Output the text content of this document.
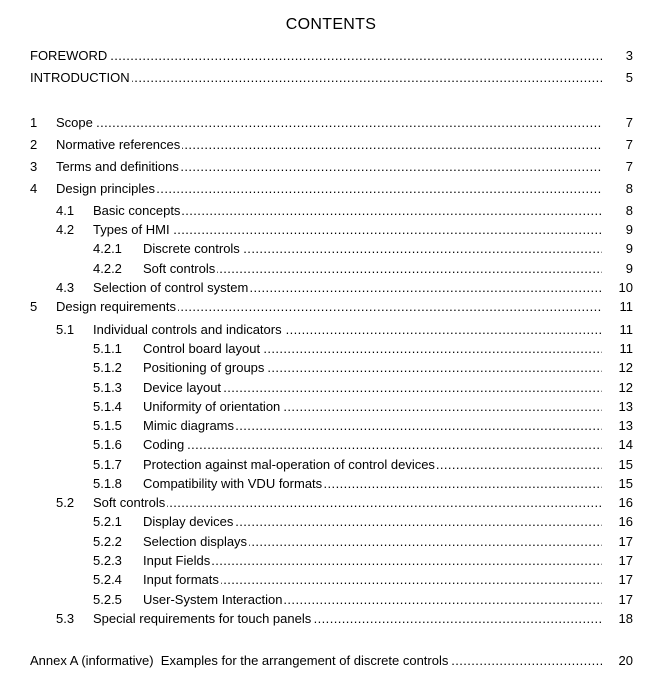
CONTENTS
FOREWORD .....	3
INTRODUCTION .....	5
1 Scope .....	7
2 Normative references .....	7
3 Terms and definitions .....	7
4 Design principles .....	8
4.1 Basic concepts .....	8
4.2 Types of HMI .....	9
4.2.1 Discrete controls .....	9
4.2.2 Soft controls .....	9
4.3 Selection of control system .....	10
5 Design requirements .....	11
5.1 Individual controls and indicators .....	11
5.1.1 Control board layout .....	11
5.1.2 Positioning of groups .....	12
5.1.3 Device layout .....	12
5.1.4 Uniformity of orientation .....	13
5.1.5 Mimic diagrams .....	13
5.1.6 Coding .....	14
5.1.7 Protection against mal-operation of control devices .....	15
5.1.8 Compatibility with VDU formats .....	15
5.2 Soft controls .....	16
5.2.1 Display devices .....	16
5.2.2 Selection displays .....	17
5.2.3 Input Fields .....	17
5.2.4 Input formats .....	17
5.2.5 User-System Interaction .....	17
5.3 Special requirements for touch panels .....	18
Annex A (informative)  Examples for the arrangement of discrete controls .....	20
